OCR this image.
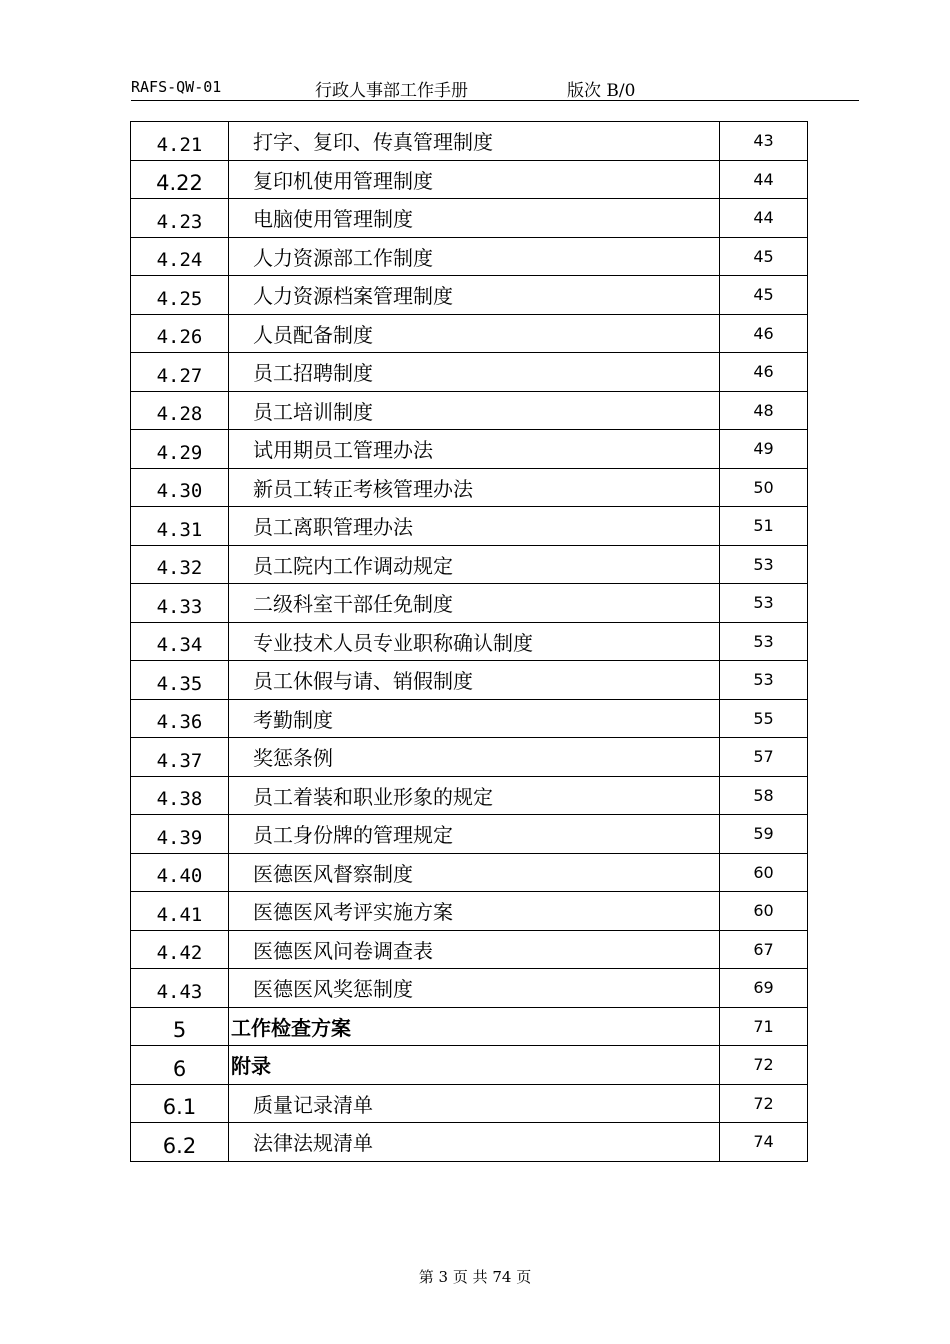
RAFS-QW-01	行政人事部工作手册	版次 B/0
4.21	打字、复印、传真管理制度	43
4.22	复印机使用管理制度	44
4.23	电脑使用管理制度	44
4.24	人力资源部工作制度	45
4.25	人力资源档案管理制度	45
4.26	人员配备制度	46
4.27	员工招聘制度	46
4.28	员工培训制度	48
4.29	试用期员工管理办法	49
4.30	新员工转正考核管理办法	50
4.31	员工离职管理办法	51
4.32	员工院内工作调动规定	53
4.33	二级科室干部任免制度	53
4.34	专业技术人员专业职称确认制度	53
4.35	员工休假与请、销假制度	53
4.36	考勤制度	55
4.37	奖惩条例	57
4.38	员工着装和职业形象的规定	58
4.39	员工身份牌的管理规定	59
4.40	医德医风督察制度	60
4.41	医德医风考评实施方案	60
4.42	医德医风问卷调查表	67
4.43	医德医风奖惩制度	69
5	工作检查方案	71
6	附录	72
6.1	质量记录清单	72
6.2	法律法规清单	74
第 3 页 共 74 页
